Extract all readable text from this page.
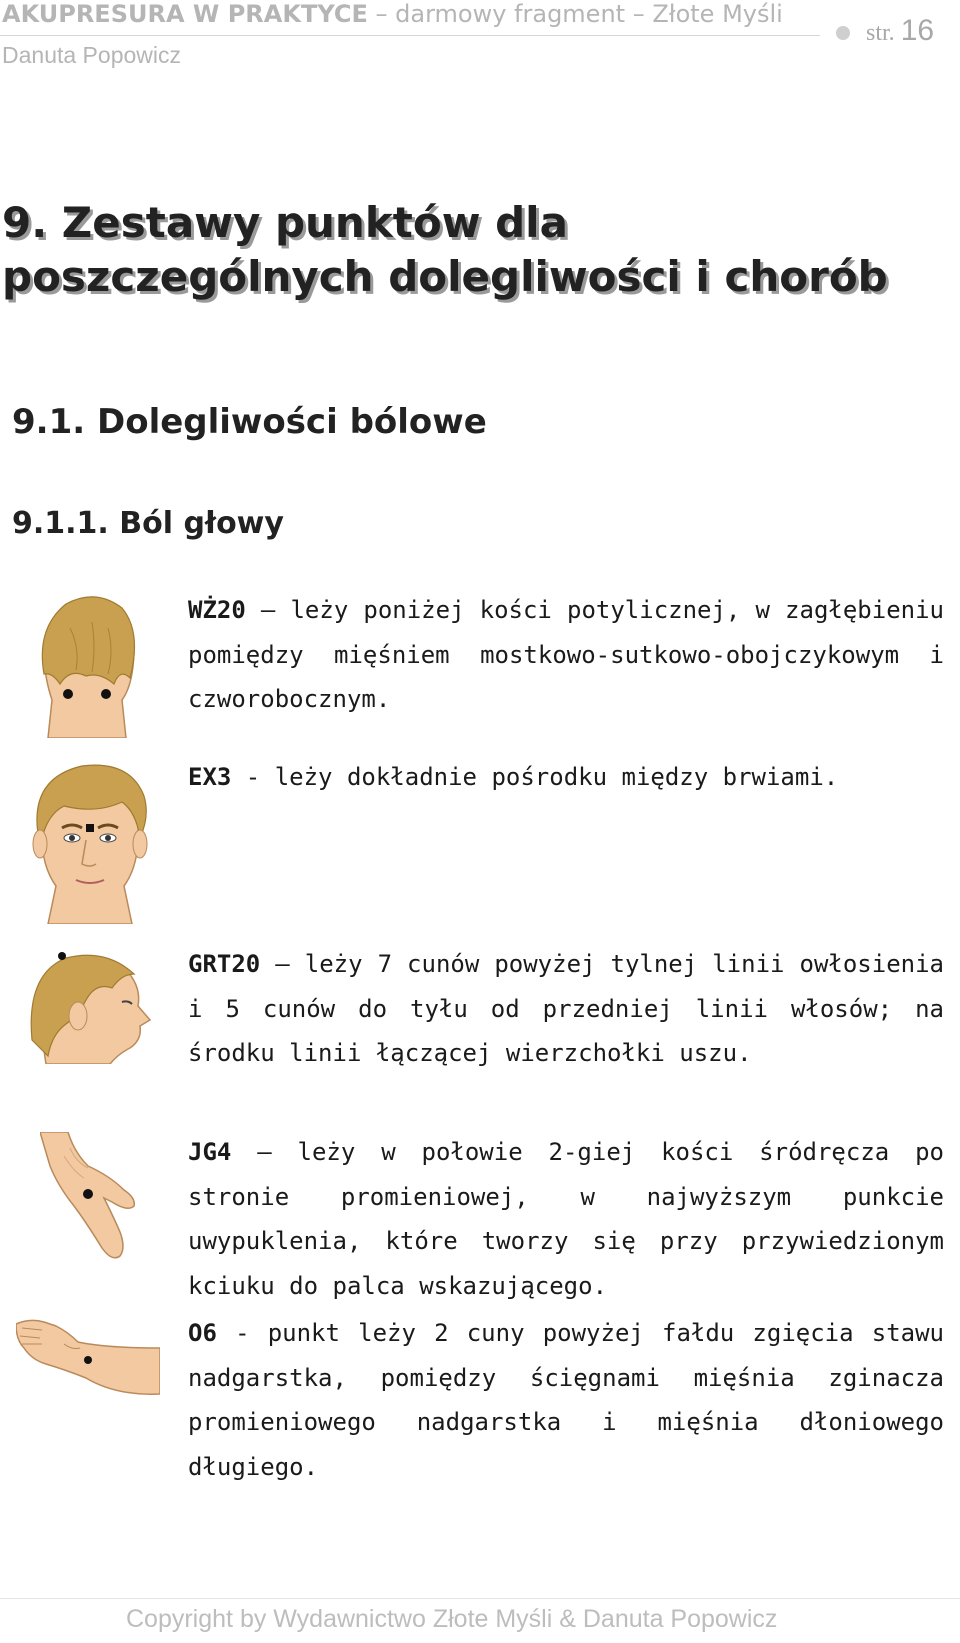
AKUPRESURA W PRAKTYCE – darmowy fragment – Złote Myśli
Danuta Popowicz
str. 16
9. Zestawy punktów dla poszczególnych dolegliwości i chorób
9.1. Dolegliwości bólowe
9.1.1. Ból głowy
WŻ20 – leży poniżej kości potylicznej, w zagłębieniu pomiędzy mięśniem mostkowo-sutkowo-obojczykowym i czworobocznym.
EX3 - leży dokładnie pośrodku między brwiami.
GRT20 – leży 7 cunów powyżej tylnej linii owłosienia i 5 cunów do tyłu od przedniej linii włosów; na środku linii łączącej wierzchołki uszu.
JG4 – leży w połowie 2-giej kości śródręcza po stronie promieniowej, w najwyższym punkcie uwypuklenia, które tworzy się przy przywiedzionym kciuku do palca wskazującego.
O6 - punkt leży 2 cuny powyżej fałdu zgięcia stawu nadgarstka, pomiędzy ścięgnami mięśnia zginacza promieniowego nadgarstka i mięśnia dłoniowego długiego.
Copyright by Wydawnictwo Złote Myśli & Danuta Popowicz
